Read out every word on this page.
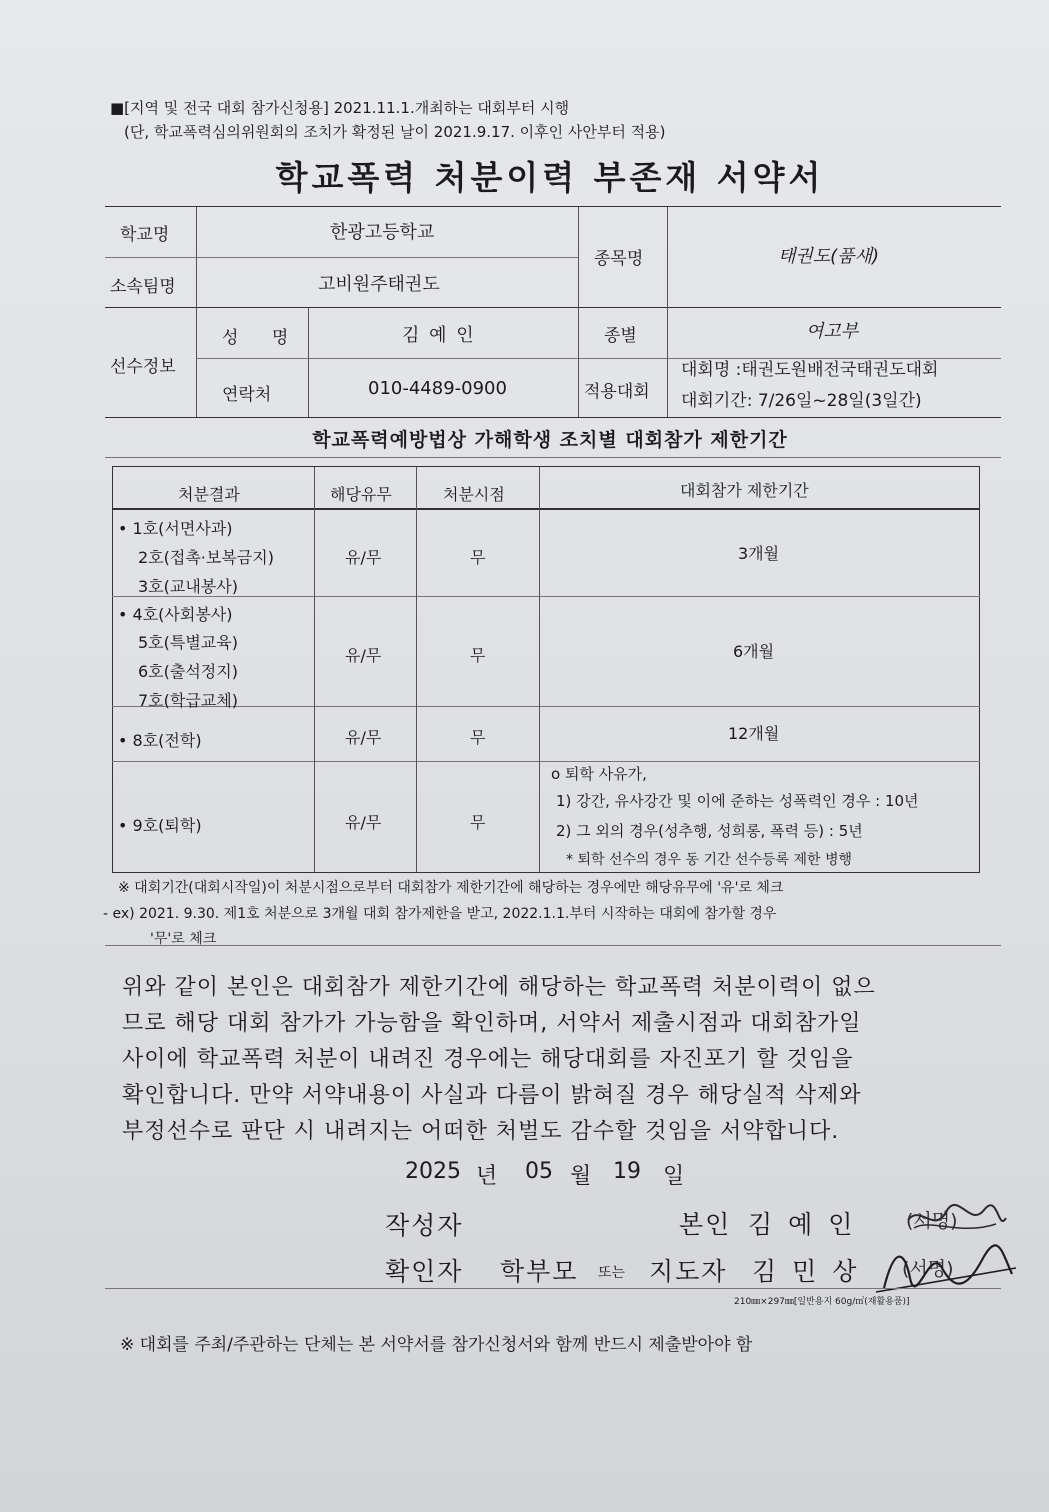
■[지역 및 전국 대회 참가신청용] 2021.11.1.개최하는 대회부터 시행
(단, 학교폭력심의위원회의 조치가 확정된 날이 2021.9.17. 이후인 사안부터 적용)
학교폭력 처분이력 부존재 서약서
학교명	한광고등학교
소속팀명	고비원주태권도
종목명	태권도(품새)
선수정보
성 명	김 예 인
연락처	010-4489-0900
종별	여고부
적용대회
대회명 :태권도원배전국태권도대회
대회기간: 7/26일~28일(3일간)
학교폭력예방법상 가해학생 조치별 대회참가 제한기간
처분결과	해당유무	처분시점	대회참가 제한기간
• 1호(서면사과)
2호(접촉·보복금지)
3호(교내봉사)
유/무	무	3개월
• 4호(사회봉사)
5호(특별교육)
6호(출석정지)
7호(학급교체)
유/무	무	6개월
• 8호(전학)	유/무	무	12개월
• 9호(퇴학)	유/무	무
o 퇴학 사유가,
1) 강간, 유사강간 및 이에 준하는 성폭력인 경우 : 10년
2) 그 외의 경우(성추행, 성희롱, 폭력 등) : 5년
* 퇴학 선수의 경우 동 기간 선수등록 제한 병행
※ 대회기간(대회시작일)이 처분시점으로부터 대회참가 제한기간에 해당하는 경우에만 해당유무에 '유'로 체크
- ex) 2021. 9.30. 제1호 처분으로 3개월 대회 참가제한을 받고, 2022.1.1.부터 시작하는 대회에 참가할 경우
'무'로 체크
위와 같이 본인은 대회참가 제한기간에 해당하는 학교폭력 처분이력이 없으
므로 해당 대회 참가가 가능함을 확인하며, 서약서 제출시점과 대회참가일
사이에 학교폭력 처분이 내려진 경우에는 해당대회를 자진포기 할 것임을
확인합니다. 만약 서약내용이 사실과 다름이 밝혀질 경우 해당실적 삭제와
부정선수로 판단 시 내려지는 어떠한 처벌도 감수할 것임을 서약합니다.
2025 년 05 월 19 일
작성자	본인 김 예 인	(서명)
확인자 학부모 또는 지도자 김 민 상 (서명)
210㎜×297㎜[일반용지 60g/㎡(재활용품)]
※ 대회를 주최/주관하는 단체는 본 서약서를 참가신청서와 함께 반드시 제출받아야 함
